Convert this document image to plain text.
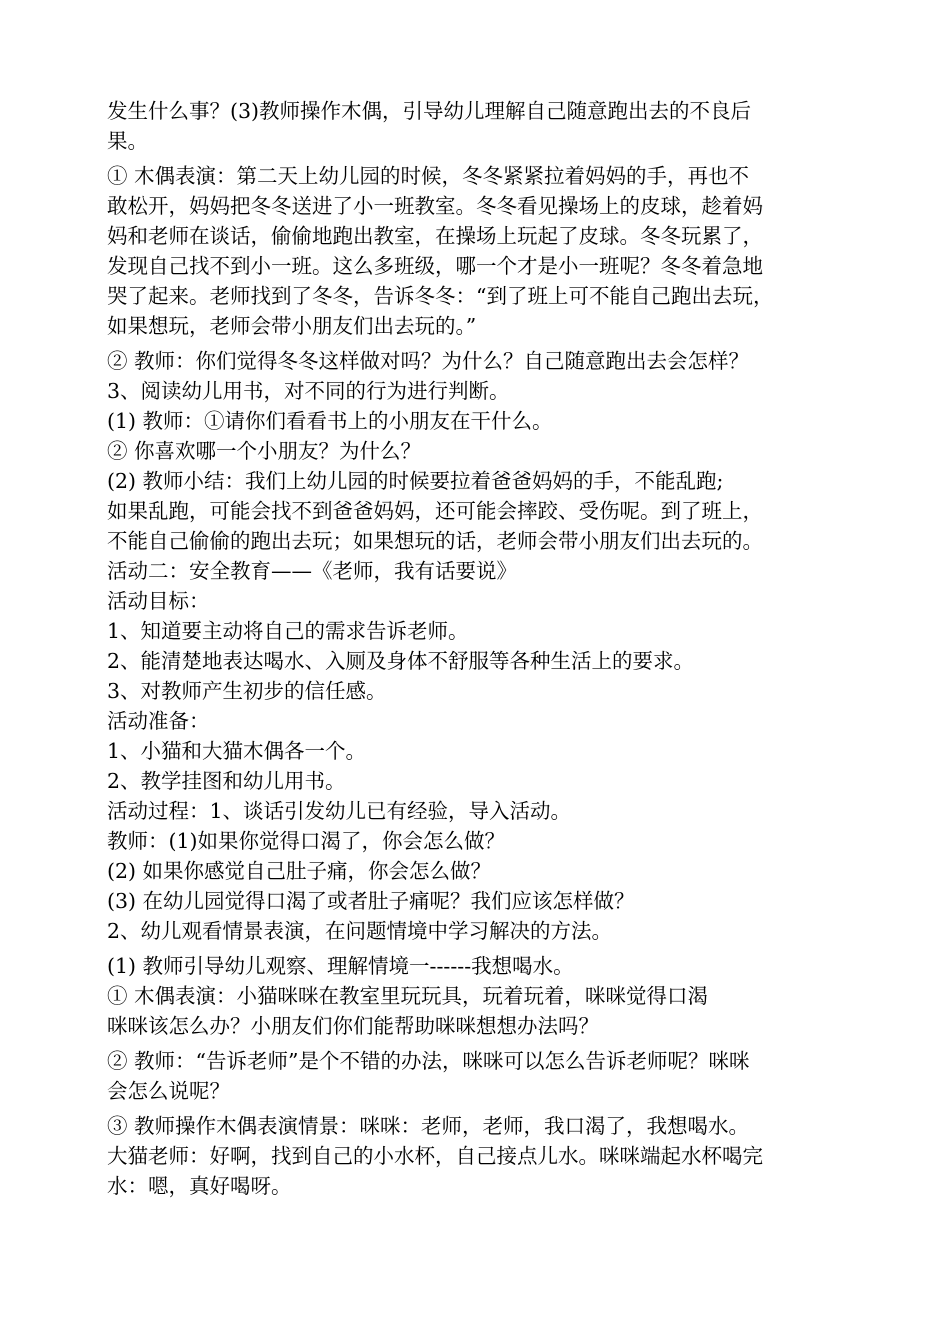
发生什么事？(3)教师操作木偶，引导幼儿理解自己随意跑出去的不良后
果。
① 木偶表演：第二天上幼儿园的时候，冬冬紧紧拉着妈妈的手，再也不
敢松开，妈妈把冬冬送进了小一班教室。冬冬看见操场上的皮球，趁着妈
妈和老师在谈话，偷偷地跑出教室，在操场上玩起了皮球。冬冬玩累了，
发现自己找不到小一班。这么多班级，哪一个才是小一班呢？冬冬着急地
哭了起来。老师找到了冬冬，告诉冬冬：“到了班上可不能自己跑出去玩，
如果想玩，老师会带小朋友们出去玩的。”
② 教师：你们觉得冬冬这样做对吗？为什么？自己随意跑出去会怎样？
3、阅读幼儿用书，对不同的行为进行判断。
(1) 教师：①请你们看看书上的小朋友在干什么。
② 你喜欢哪一个小朋友？为什么？
(2) 教师小结：我们上幼儿园的时候要拉着爸爸妈妈的手，不能乱跑;
如果乱跑，可能会找不到爸爸妈妈，还可能会摔跤、受伤呢。到了班上，
不能自己偷偷的跑出去玩；如果想玩的话，老师会带小朋友们出去玩的。
活动二：安全教育——《老师，我有话要说》
活动目标：
1、知道要主动将自己的需求告诉老师。
2、能清楚地表达喝水、入厕及身体不舒服等各种生活上的要求。
3、对教师产生初步的信任感。
活动准备：
1、小猫和大猫木偶各一个。
2、教学挂图和幼儿用书。
活动过程：1、谈话引发幼儿已有经验，导入活动。
教师：(1)如果你觉得口渴了，你会怎么做？
(2) 如果你感觉自己肚子痛，你会怎么做？
(3) 在幼儿园觉得口渴了或者肚子痛呢？我们应该怎样做？
2、幼儿观看情景表演，在问题情境中学习解决的方法。
(1) 教师引导幼儿观察、理解情境一------我想喝水。
① 木偶表演：小猫咪咪在教室里玩玩具，玩着玩着，咪咪觉得口渴
咪咪该怎么办？小朋友们你们能帮助咪咪想想办法吗？
② 教师：“告诉老师”是个不错的办法，咪咪可以怎么告诉老师呢？咪咪
会怎么说呢？
③ 教师操作木偶表演情景：咪咪：老师，老师，我口渴了，我想喝水。
大猫老师：好啊，找到自己的小水杯，自己接点儿水。咪咪端起水杯喝完
水：嗯，真好喝呀。
